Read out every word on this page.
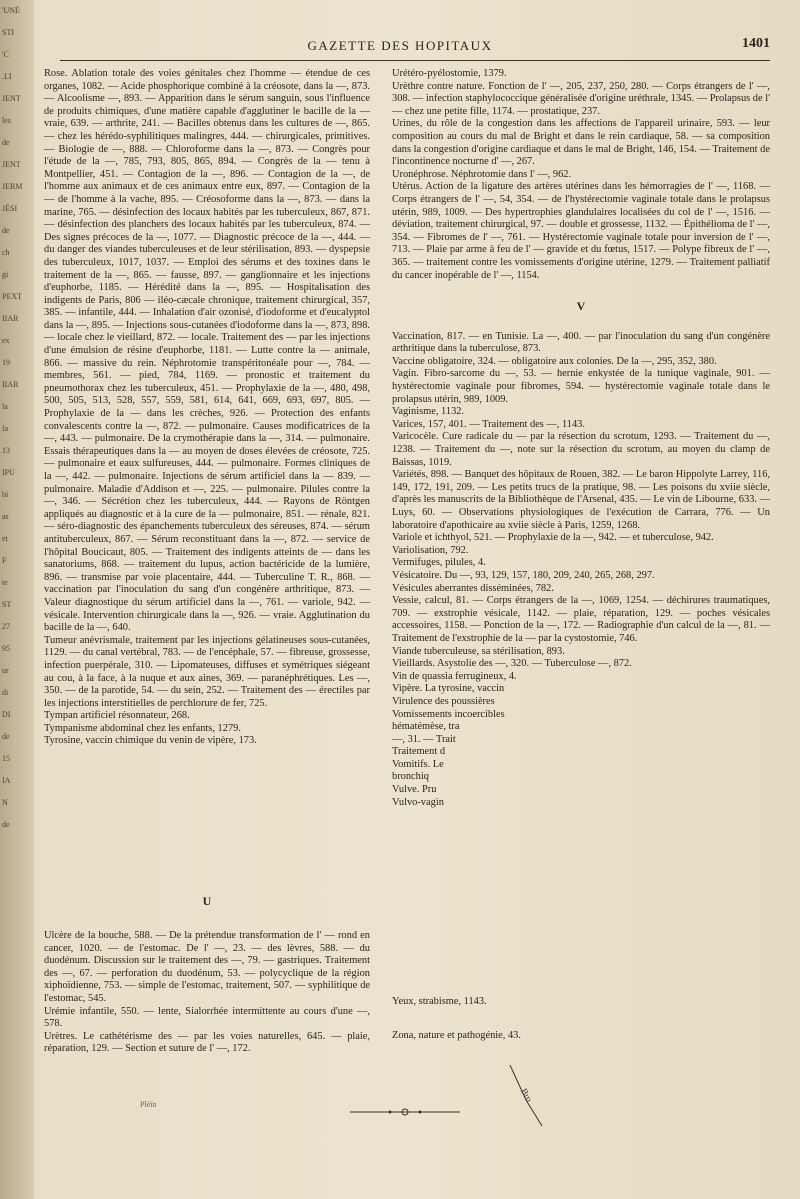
'UNÉ
STI
'C
.LI
JENT
les
de
JENT
JERM
JÉSI
de
ch
gi
PEXT
IIAR
ex
19
IIAR
la
fa
13
IPU
bi
as
et
F
te
ST
27
95
ur
di
DI
de
15
IA
N
de
GAZETTE DES HOPITAUX	1401

Rose. Ablation totale des voies génitales chez l'homme — étendue de ces organes, 1082. — Acide phosphorique combiné à la créosote, dans la —, 873. — Alcoolisme —, 893. — Apparition dans le sérum sanguin, sous l'influence de produits chimiques, d'une matière capable d'agglutiner le bacille de la — vraie, 639. — arthrite, 241. — Bacilles obtenus dans les cultures de —, 865. — chez les hérédo-syphilitiques malingres, 444. — chirurgicales, primitives. — Biologie de —, 888. — Chloroforme dans la —, 873. — Congrès pour l'étude de la —, 785, 793, 805, 865, 894. — Congrès de la — tenu à Montpellier, 451. — Contagion de la —, 896. — Contagion de la —, de l'homme aux animaux et de ces animaux entre eux, 897. — Contagion de la — de l'homme à la vache, 895. — Créosoforme dans la —, 873. — dans la marine, 765. — désinfection des locaux habités par les tuberculeux, 867, 871. — désinfection des planchers des locaux habités par les tuberculeux, 874. — Des signes précoces de la —, 1077. — Diagnostic précoce de la —, 444. — du danger des viandes tuberculeuses et de leur stérilisation, 893. — dyspepsie des tuberculeux, 1017, 1037. — Emploi des sérums et des toxines dans le traitement de la —, 865. — fausse, 897. — ganglionnaire et les injections d'euphorbe, 1185. — Hérédité dans la —, 895. — Hospitalisation des indigents de Paris, 806 — iléo-cæcale chronique, traitement chirurgical, 357, 385. — infantile, 444. — Inhalation d'air ozonisé, d'iodoforme et d'eucalyptol dans la —, 895. — Injections sous-cutanées d'iodoforme dans la —, 873, 898. — locale chez le vieillard, 872. — locale. Traitement des — par les injections d'une émulsion de résine d'euphorbe, 1181. — Lutte contre la — animale, 866. — massive du rein. Néphrotomie transpéritonéale pour —, 784. — membres, 561. — pied, 784, 1169. — pronostic et traitement du pneumothorax chez les tuberculeux, 451. — Prophylaxie de la —, 480, 498, 500, 505, 513, 528, 557, 559, 581, 614, 641, 669, 693, 697, 805. — Prophylaxie de la — dans les crèches, 926. — Protection des enfants convalescents contre la —, 872. — pulmonaire. Causes modificatrices de la —, 443. — pulmonaire. De la crymothérapie dans la —, 314. — pulmonaire. Essais thérapeutiques dans la — au moyen de doses élevées de créosote, 725. — pulmonaire et eaux sulfureuses, 444. — pulmonaire. Formes cliniques de la —, 442. — pulmonaire. Injections de sérum artificiel dans la — 839. — pulmonaire. Maladie d'Addison et —, 225. — pulmonaire. Pilules contre la —, 346. — Sécrétion chez les tuberculeux, 444. — Rayons de Röntgen appliqués au diagnostic et à la cure de la — pulmonaire, 851. — rénale, 821. — séro-diagnostic des épanchements tuberculeux des séreuses, 874. — sérum antituberculeux, 867. — Sérum reconstituant dans la —, 872. — service de l'hôpital Boucicaut, 805. — Traitement des indigents atteints de — dans les sanatoriums, 868. — traitement du lupus, action bactéricide de la lumière, 896. — transmise par voie placentaire, 444. — Tuberculine T. R., 868. — vaccination par l'inoculation du sang d'un congénère arthritique, 873. — Valeur diagnostique du sérum artificiel dans la —, 761. — variole, 942. — vésicale. Intervention chirurgicale dans la —, 926. — vraie. Agglutination du bacille de la —, 640.

Tumeur anévrismale, traitement par les injections gélatineuses sous-cutanées, 1129. — du canal vertébral, 783. — de l'encéphale, 57. — fibreuse, grossesse, infection puerpérale, 310. — Lipomateuses, diffuses et symétriques siégeant au cou, à la face, à la nuque et aux aines, 369. — paranéphrétiques. Les —, 350. — de la parotide, 54. — du sein, 252. — Traitement des — érectiles par les injections interstitielles de perchlorure de fer, 725.

Tympan artificiel résonnateur, 268.

Tympanisme abdominal chez les enfants, 1279.

Tyrosine, vaccin chimique du venin de vipère, 173.

U

Ulcère de la bouche, 588. — De la prétendue transformation de l' — rond en cancer, 1020. — de l'estomac. De l' —, 23. — des lèvres, 588. — du duodénum. Discussion sur le traitement des —, 79. — gastriques. Traitement des —, 67. — perforation du duodénum, 53. — polycyclique de la région xiphoïdienne, 753. — simple de l'estomac, traitement, 507. — syphilitique de l'estomac, 545.

Urémie infantile, 550. — lente, Sialorrhée intermittente au cours d'une —, 578.

Urètres. Le cathétérisme des — par les voies naturelles, 645. — plaie, réparation, 129. — Section et suture de l' —, 172.

Urétéro-pyélostomie, 1379.

Urèthre contre nature. Fonction de l' —, 205, 237, 250, 280. — Corps étrangers de l' —, 308. — infection staphylococcique généralisée d'origine uréthrale, 1345. — Prolapsus de l' — chez une petite fille, 1174. — prostatique, 237.

Urines, du rôle de la congestion dans les affections de l'appareil urinaire, 593. — leur composition au cours du mal de Bright et dans le rein cardiaque, 58. — sa composition dans la congestion d'origine cardiaque et dans le mal de Bright, 146, 154. — Traitement de l'incontinence nocturne d' —, 267.

Uronéphrose. Néphrotomie dans l' —, 962.

Utérus. Action de la ligature des artères utérines dans les hémorragies de l' —, 1168. — Corps étrangers de l' —, 54, 354. — de l'hystérectomie vaginale totale dans le prolapsus utérin, 989, 1009. — Des hypertrophies glandulaires localisées du col de l' —, 1516. — déviation, traitement chirurgical, 97. — double et grossesse, 1132. — Épithélioma de l' —, 354. — Fibromes de l' —, 761. — Hystérectomie vaginale totale pour inversion de l' —, 713. — Plaie par arme à feu de l' — gravide et du fœtus, 1517. — Polype fibreux de l' —, 365. — traitement contre les vomissements d'origine utérine, 1279. — Traitement palliatif du cancer inopérable de l' —, 1154.

V

Vaccination, 817. — en Tunisie. La —, 400. — par l'inoculation du sang d'un congénère arthritique dans la tuberculose, 873.

Vaccine obligatoire, 324. — obligatoire aux colonies. De la —, 295, 352, 380.

Vagin. Fibro-sarcome du —, 53. — hernie enkystée de la tunique vaginale, 901. — hystérectomie vaginale pour fibromes, 594. — hystérectomie vaginale totale dans le prolapsus utérin, 989, 1009.

Vaginisme, 1132.

Varices, 157, 401. — Traitement des —, 1143.

Varicocèle. Cure radicale du — par la résection du scrotum, 1293. — Traitement du —, 1238. — Traitement du —, note sur la résection du scrotum, au moyen du clamp de Baissas, 1019.

Variétés, 898. — Banquet des hôpitaux de Rouen, 382. — Le baron Hippolyte Larrey, 116, 149, 172, 191, 209. — Les petits trucs de la pratique, 98. — Les poisons du xviie siècle, d'après les manuscrits de la Bibliothèque de l'Arsenal, 435. — Le vin de Libourne, 633. — Luys, 60. — Observations physiologiques de l'exécution de Carrara, 776. — Un laboratoire d'apothicaire au xviie siècle à Paris, 1259, 1268.

Variole et ichthyol, 521. — Prophylaxie de la —, 942. — et tuberculose, 942.

Variolisation, 792.

Vermifuges, pilules, 4.

Vésicatoire. Du —, 93, 129, 157, 180, 209, 240, 265, 268, 297.

Vésicules aberrantes disséminées, 782.

Vessie, calcul, 81. — Corps étrangers de la —, 1069, 1254. — déchirures traumatiques, 709. — exstrophie vésicale, 1142. — plaie, réparation, 129. — poches vésicales accessoires, 1158. — Ponction de la —, 172. — Radiographie d'un calcul de la —, 81. — Traitement de l'exstrophie de la — par la cystostomie, 746.

Viande tuberculeuse, sa stérilisation, 893.

Vieillards. Asystolie des —, 320. — Tuberculose —, 872.

Vin de quassia ferrugineux, 4.

Vipère. La tyrosine, vaccin

Virulence des poussières

Vomissements incoercibles

hématémèse, tra

—, 31. — Trait

Traitement d

Vomitifs. Le

bronchiq

Vulve. Pru

Vulvo-vagin

Yeux, strabisme, 1143.
Zona, nature et pathogénie, 43.
Bro
Pléïn
